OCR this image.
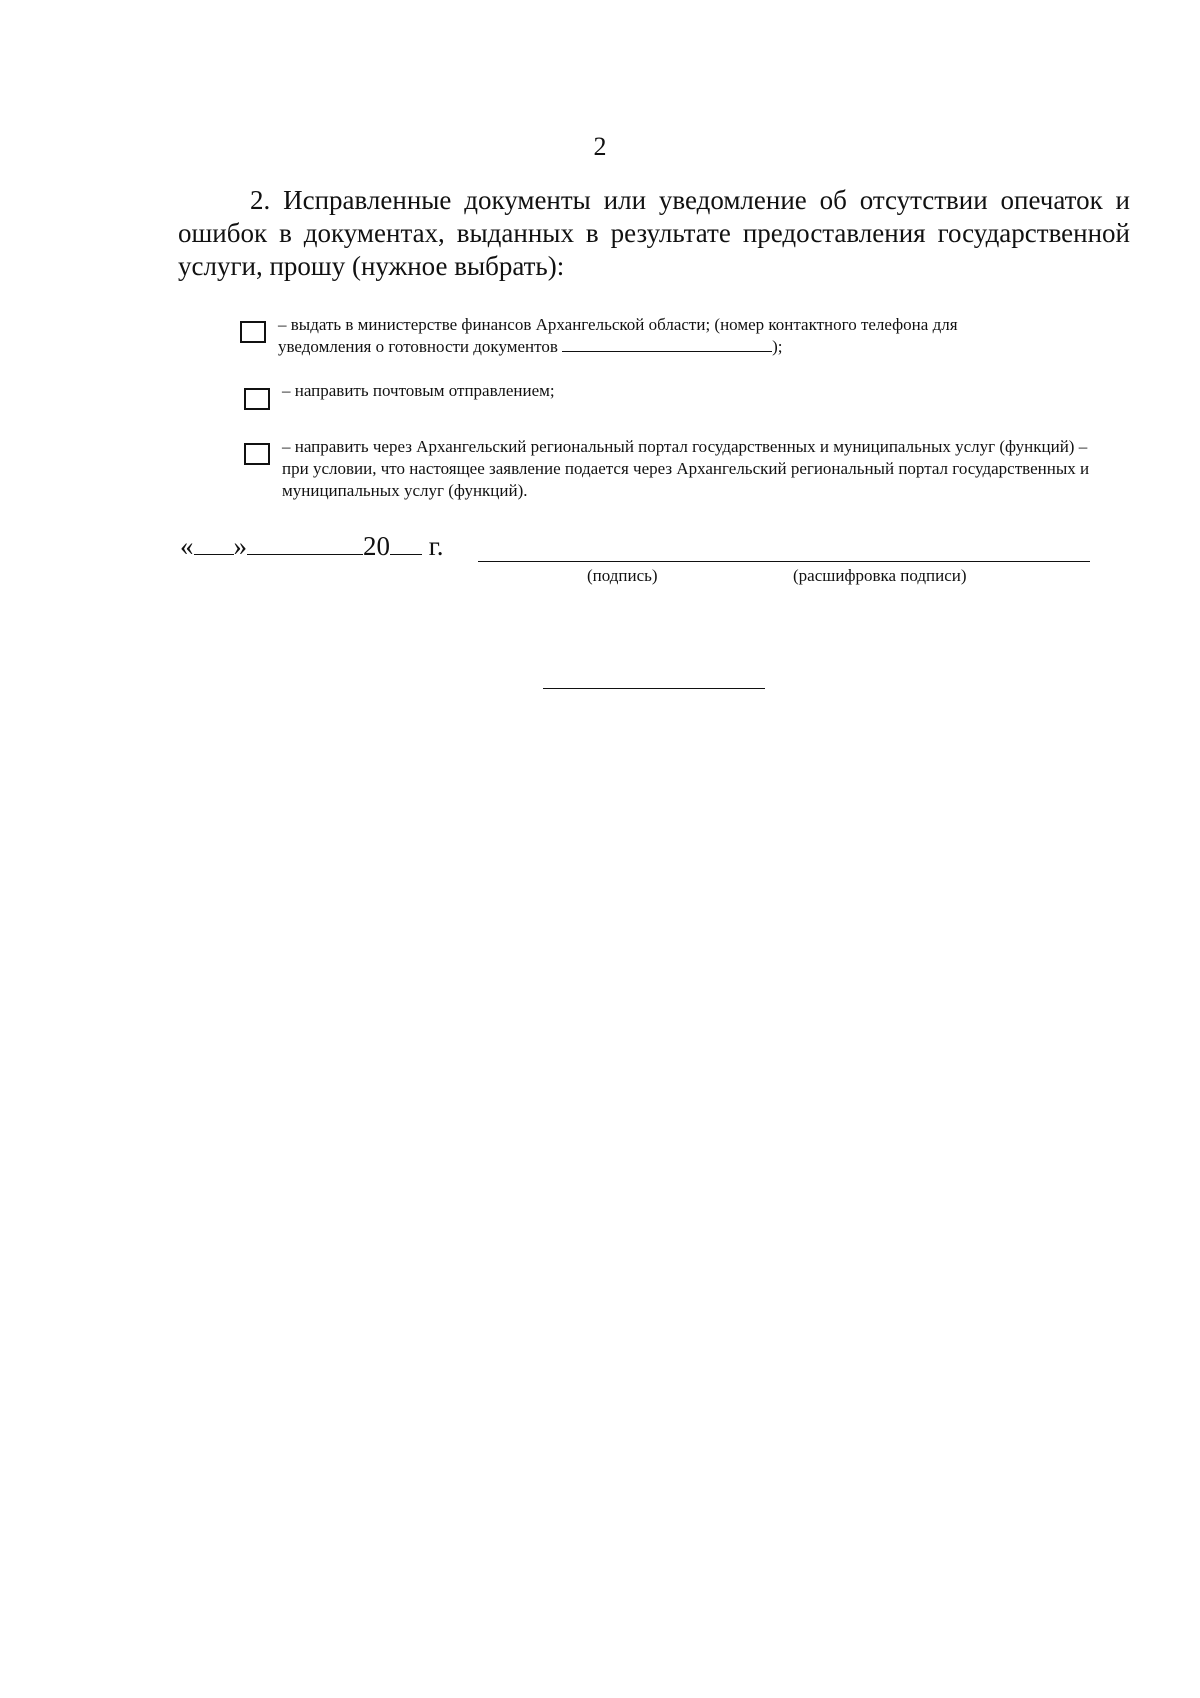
2
2. Исправленные документы или уведомление об отсутствии опечаток и ошибок в документах, выданных в результате предоставления государственной услуги, прошу (нужное выбрать):
– выдать в министерстве финансов Архангельской области; (номер контактного телефона для
уведомления о готовности документов	);
– направить почтовым отправлением;
– направить через Архангельский региональный портал государственных и муниципальных услуг (функций) – при условии, что настоящее заявление подается через Архангельский региональный портал государственных и муниципальных услуг (функций).
« »	20 г.
(подпись)	(расшифровка подписи)
